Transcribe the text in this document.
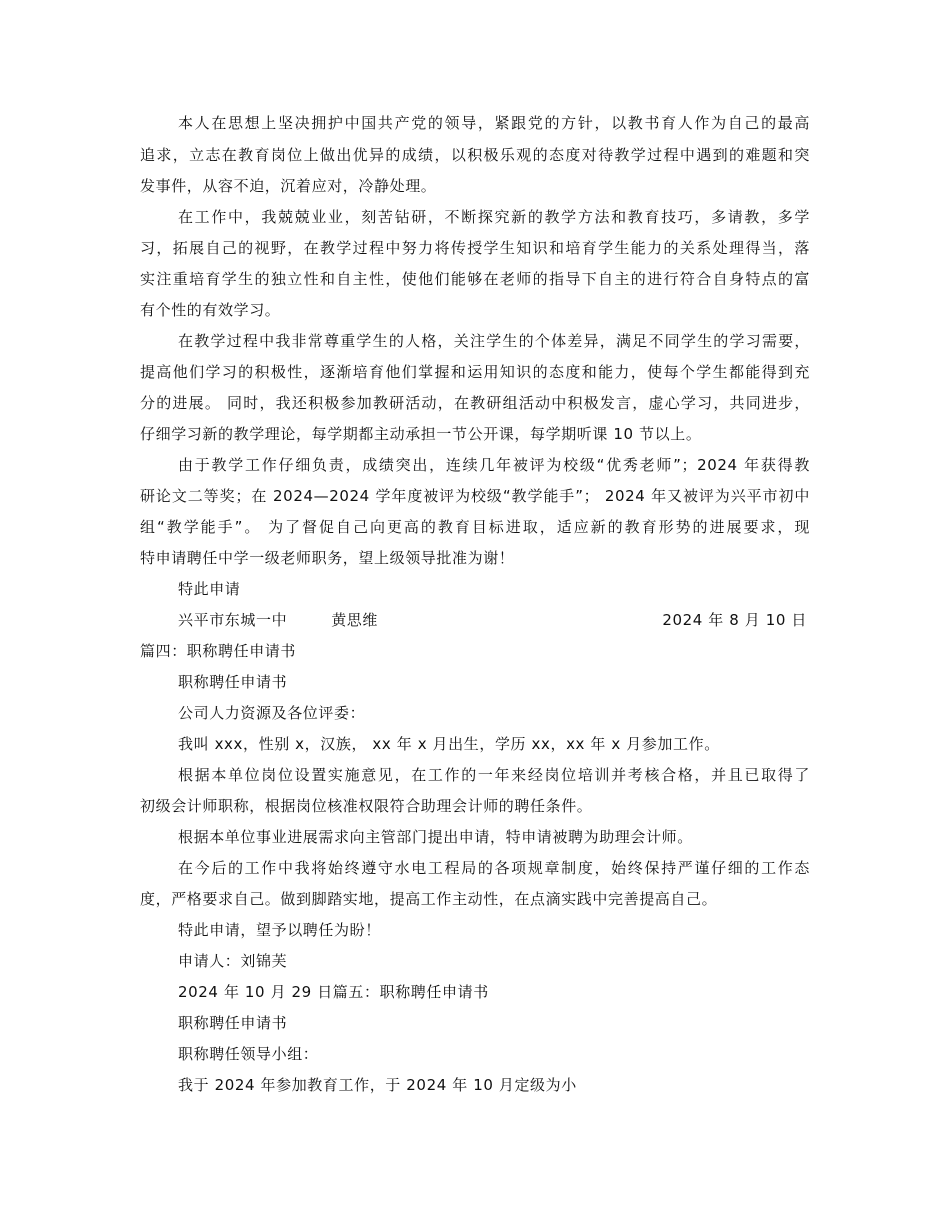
本人在思想上坚决拥护中国共产党的领导，紧跟党的方针，以教书育人作为自己的最高
追求，立志在教育岗位上做出优异的成绩，以积极乐观的态度对待教学过程中遇到的难题和突
发事件，从容不迫，沉着应对，冷静处理。
在工作中，我兢兢业业，刻苦钻研，不断探究新的教学方法和教育技巧，多请教，多学
习，拓展自己的视野，在教学过程中努力将传授学生知识和培育学生能力的关系处理得当，落
实注重培育学生的独立性和自主性，使他们能够在老师的指导下自主的进行符合自身特点的富
有个性的有效学习。
在教学过程中我非常尊重学生的人格，关注学生的个体差异，满足不同学生的学习需要，
提高他们学习的积极性，逐渐培育他们掌握和运用知识的态度和能力，使每个学生都能得到充
分的进展。 同时，我还积极参加教研活动，在教研组活动中积极发言，虚心学习，共同进步，
仔细学习新的教学理论，每学期都主动承担一节公开课，每学期听课 10 节以上。
由于教学工作仔细负责，成绩突出，连续几年被评为校级“优秀老师”；2024 年获得教
研论文二等奖；在 2024—2024 学年度被评为校级“教学能手”； 2024 年又被评为兴平市初中
组“教学能手”。 为了督促自己向更高的教育目标进取，适应新的教育形势的进展要求，现
特申请聘任中学一级老师职务，望上级领导批准为谢！
特此申请
兴平市东城一中	黄思维	2024 年 8 月 10 日
篇四：职称聘任申请书
职称聘任申请书
公司人力资源及各位评委：
我叫 xxx，性别 x，汉族， xx 年 x 月出生，学历 xx，xx 年 x 月参加工作。
根据本单位岗位设置实施意见，在工作的一年来经岗位培训并考核合格，并且已取得了
初级会计师职称，根据岗位核准权限符合助理会计师的聘任条件。
根据本单位事业进展需求向主管部门提出申请，特申请被聘为助理会计师。
在今后的工作中我将始终遵守水电工程局的各项规章制度，始终保持严谨仔细的工作态
度，严格要求自己。做到脚踏实地，提高工作主动性，在点滴实践中完善提高自己。
特此申请，望予以聘任为盼！
申请人：刘锦芙
2024 年 10 月 29 日篇五：职称聘任申请书
职称聘任申请书
职称聘任领导小组：
我于 2024 年参加教育工作，于 2024 年 10 月定级为小
